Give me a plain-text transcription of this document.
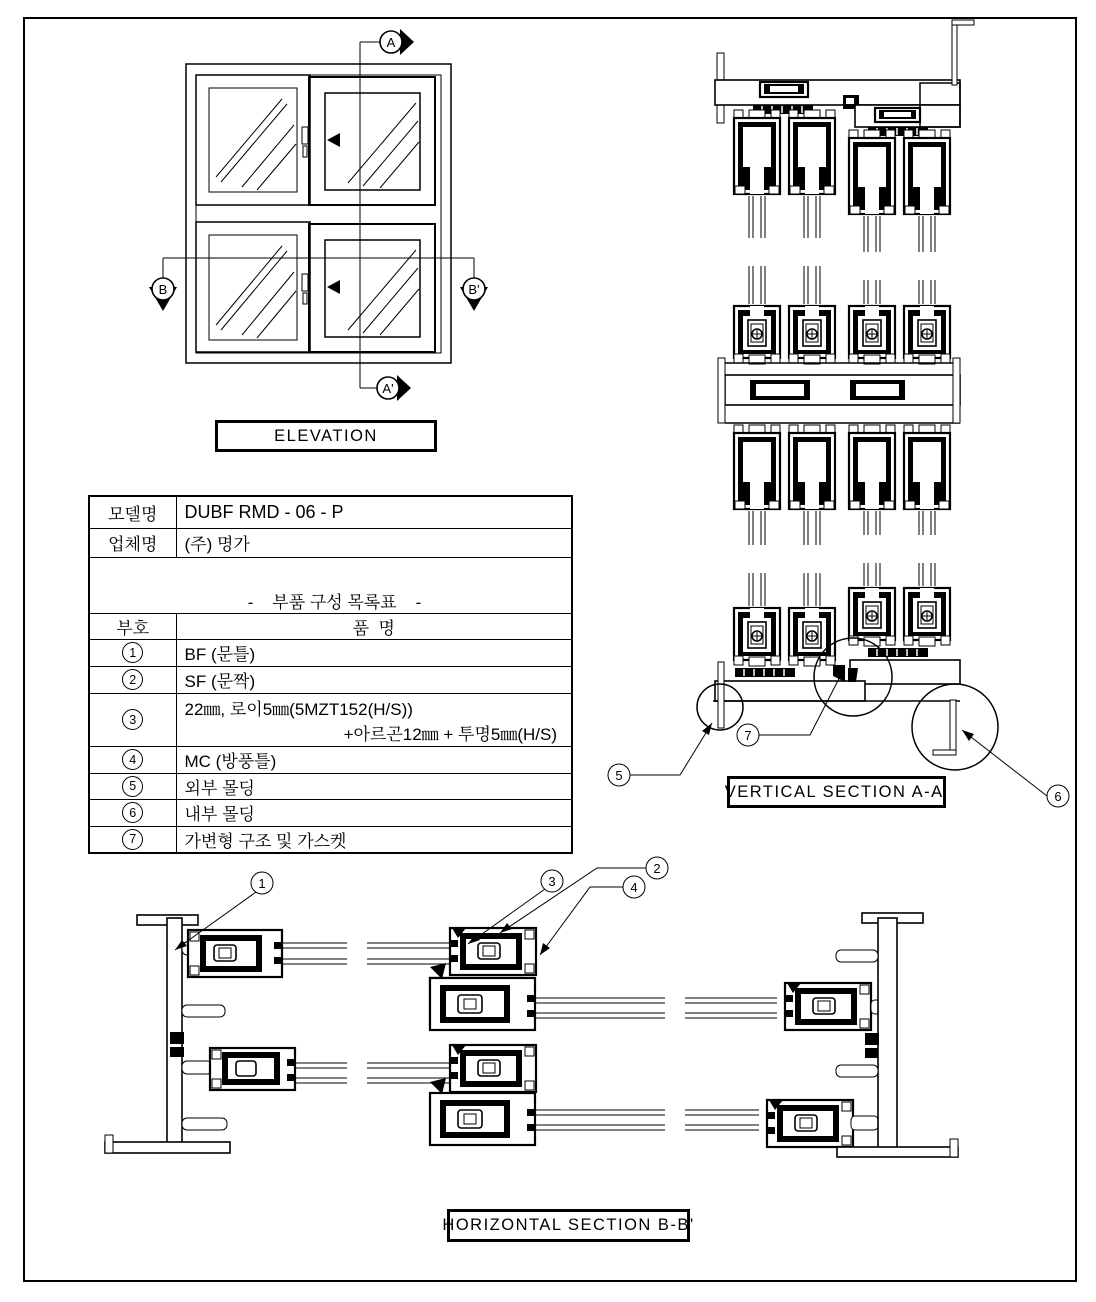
A
A'
B	B'
ELEVATION
모델명	DUBF RMD - 06 - P
업체명	(주) 명가
-    부품 구성 목록표    -	
부호	품  명
1	BF (문틀)
2	SF (문짝)
3	22㎜, 로이5㎜(5MZT152(H/S))
+아르곤12㎜ + 투명5㎜(H/S)

4	MC (방풍틀)
5	외부 몰딩
6	내부 몰딩
7	가변형 구조 및 가스켓
5
7
6
VERTICAL SECTION A-A'
1	3
2
4
HORIZONTAL SECTION B-B'
